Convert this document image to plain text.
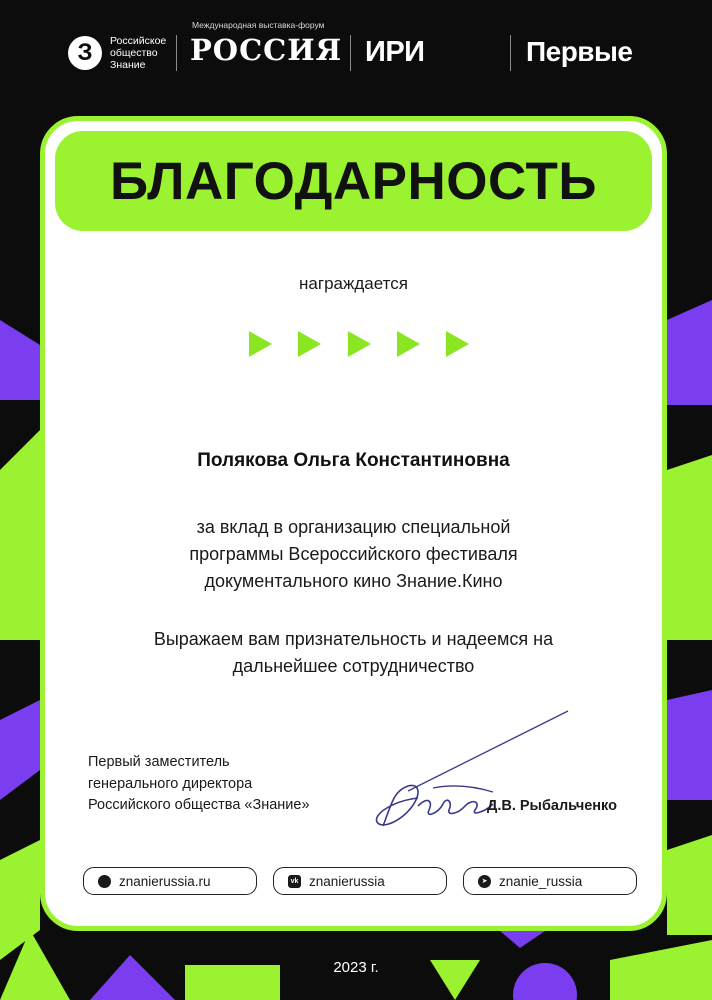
З	Российское
общество
Знание
Международная выставка-форум
РОССИЯ ИРИ	Первые
БЛАГОДАРНОСТЬ
награждается
Полякова Ольга Константиновна

за вклад в организацию специальной
программы Всероссийского фестиваля
документального кино Знание.Кино

Выражаем вам признательность и надеемся на
дальнейшее сотрудничество

Первый заместитель
генерального директора
Российского общества «Знание»	Д.В. Рыбальченко
znanierussia.ru	vk znanierussia	➤ znanie_russia
2023 г.
